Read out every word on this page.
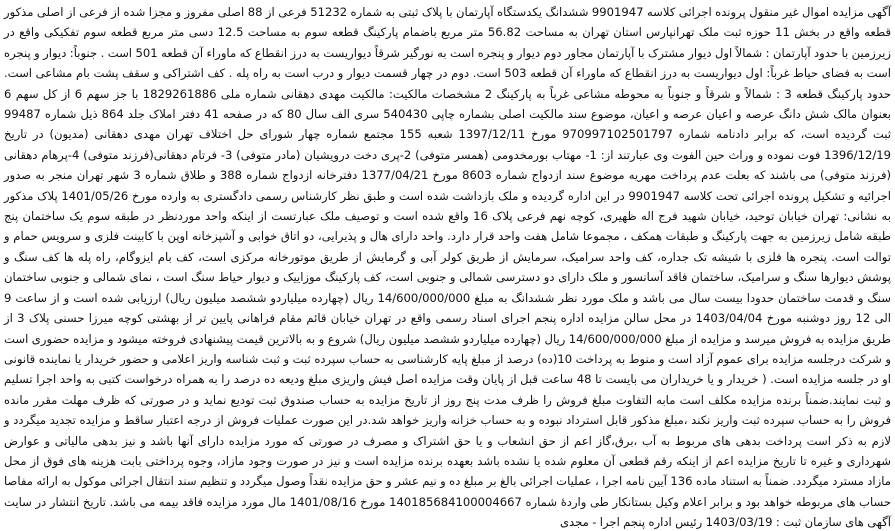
آگهی مزایده اموال غیر منقول پرونده اجرائی کلاسه 9901947 ششدانگ یکدستگاه آپارتمان با پلاک ثبتی به شماره 51232 فرعی از 88 اصلی مفروز و مجزا شده از فرعی از اصلی مذکور قطعه واقع در بخش 11 حوزه ثبت ملک تهرانپارس استان تهران به مساحت 56.82 متر مربع باضمام پارکینگ قطعه سوم به مساحت 12.5 دسی متر مربع قطعه سوم تفکیکی واقع در زیرزمین با حدود آپارتمان : شمالاً اول دیوار مشترک با آپارتمان مجاور دوم دیوار و پنجره است به نورگیر شرقاً دیواریست به درز انقطاع که ماوراء آن قطعه 501 است . جنوباً: دیوار و پنجره است به فضای حیاط غرباً: اول دیواریست به درز انقطاع که ماوراء آن قطعه 503 است. دوم در چهار قسمت دیوار و درب است به راه پله . کف اشتراکی و سقف پشت بام مشاعی است. حدود پارکینگ قطعه 3 : شمالاً و شرقاً و جنوباً به محوطه مشاعی غرباً به پارکینگ 2 مشخصات مالکیت: مالکیت مهدی دهقانی شماره ملی 1829261886 با جز سهم 6 از کل سهم 6 بعنوان مالک شش دانگ عرصه و اعیان عرصه و اعیان، موضوع سند مالکیت اصلی بشماره چاپی 540430 سری الف سال 80 که در صفحه 41 دفتر املاک جلد 864 ذیل شماره 99487 ثبت گردیده است، که برابر دادنامه شماره 970997102501797 مورخ 1397/12/11 شعبه 155 مجتمع شماره چهار شورای حل اختلاف تهران مهدی دهقانی (مدیون) در تاریخ 1396/12/19 فوت نموده و وراث حین الفوت وی عبارتند از: 1- مهتاب بورمخدومی (همسر متوفی) 2-پری دخت درویشیان (مادر متوفی) 3- فرتام دهقانی(فرزند متوفی) 4-پرهام دهقانی (فرزند متوفی) می باشند که بعلت عدم پرداخت مهریه موضوع سند ازدواج شماره 8603 مورخ 1377/04/21 دفترخانه ازدواج شماره 388 و طلاق شماره 3 شهر تهران منجر به صدور اجرائیه و تشکیل پرونده اجرائی تحت کلاسه 9901947 در این اداره گردیده و ملک بازداشت شده است و طبق نظر کارشناس رسمی دادگستری به وارده مورخ 1401/05/26 پلاک مذکور به نشانی: تهران خیابان توحید، خیابان شهید فرج اله ظهیری، کوچه نهم فرعی پلاک 16 واقع شده است و توصیف ملک عبارتست از اینکه واحد موردنظر در طبقه سوم یک ساختمان پنج طبقه شامل زیرزمین به جهت پارکینگ و طبقات همکف ، مجموعا شامل هفت واحد قرار دارد. واحد دارای هال و پذیرایی، دو اتاق خوابی و آشپزخانه اوپن با کابینت فلزی و سرویس حمام و توالت است. پنجره ها فلزی با شیشه تک جداره، کف واحد سرامیک، سرمایش از طریق کولر آبی و گرمایش از طریق موتورخانه مرکزی است، کف بام ایزوگام، راه پله ها کف سنگ و پوشش دیوارها سنگ و سرامیک، ساختمان فاقد آسانسور و ملک دارای دو دسترسی شمالی و جنوبی است، کف پارکینگ موزاییک و دیوار حیاط سنگ است ، نمای شمالی و جنوبی ساختمان سنگ و قدمت ساختمان حدودا بیست سال می باشد و ملک مورد نظر ششدانگ به مبلغ 14/600/000/000 ریال (چهارده میلیاردو ششصد میلیون ریال) ارزیابی شده است و از ساعت 9 الی 12 روز دوشنبه مورخ 1403/04/04 در محل سالن مزایده اداره پنجم اجرای اسناد رسمی واقع در تهران خیابان قائم مقام فراهانی پایین تر از بهشتی کوچه میرزا حسنی پلاک 3 از طریق مزایده به فروش میرسد و مزایده از مبلغ 14/600/000/000 ریال (چهارده میلیاردو ششصد میلیون ریال) شروع و به بالاترین قیمت پیشنهادی فروخته میشود و مزایده حضوری است و شرکت درجلسه مزایده برای عموم آزاد است و منوط به پرداخت 10(ده) درصد از مبلغ پایه کارشناسی به حساب سپرده ثبت و ثبت شناسه واریز اعلامی و حضور خریدار یا نماینده قانونی او در جلسه مزایده است. ( خریدار و یا خریداران می بایست تا 48 ساعت قبل از پایان وقت مزایده اصل فیش واریزی مبلغ ودیعه ده درصد را به همراه درخواست کتبی به واحد اجرا تسلیم و ثبت نمایند.ضمناً برنده مزایده مکلف است مابه التفاوت مبلغ فروش را ظرف مدت پنج روز از تاریخ مزایده به حساب صندوق ثبت تودیع نماید و در صورتی که ظرف مهلت مقرر مانده فروش را به حساب سپرده ثبت واریز نکند ،مبلغ مذکور قابل استرداد نبوده و به حساب خزانه واریز خواهد شد.در این صورت عملیات فروش از درجه اعتبار ساقط و مزایده تجدید میگردد و لازم به ذکر است پرداخت بدهی های مربوط به آب ،برق،گاز اعم از حق انشعاب و یا حق اشتراک و مصرف در صورتی که مورد مزایده دارای آنها باشد و نیز بدهی مالیاتی و عوارض شهرداری و غیره تا تاریخ مزایده اعم از اینکه رقم قطعی آن معلوم شده یا نشده باشد بعهده برنده مزایده است و نیز در صورت وجود مازاد، وجوه پرداختی بابت هزینه های فوق از محل مازاد مسترد میگردد. ضمناً به استناد ماده 136 آیین نامه اجرا ، عملیات اجرائی بالغ بر مبلغ ده و نیم عشر و حق مزایده نقداً وصول میگردد و تنظیم سند انتقال اجرائی موکول به ارائه مفاصا حساب های مربوطه خواهد بود و برابر اعلام وکیل بستانکار طی واردهٔ شماره 140185684100004667 مورخ 1401/08/16 مال مورد مزایده فاقد بیمه می باشد. تاریخ انتشار در سایت آگهی های سازمان ثبت : 1403/03/19 رئیس اداره پنجم اجرا - مجدی
